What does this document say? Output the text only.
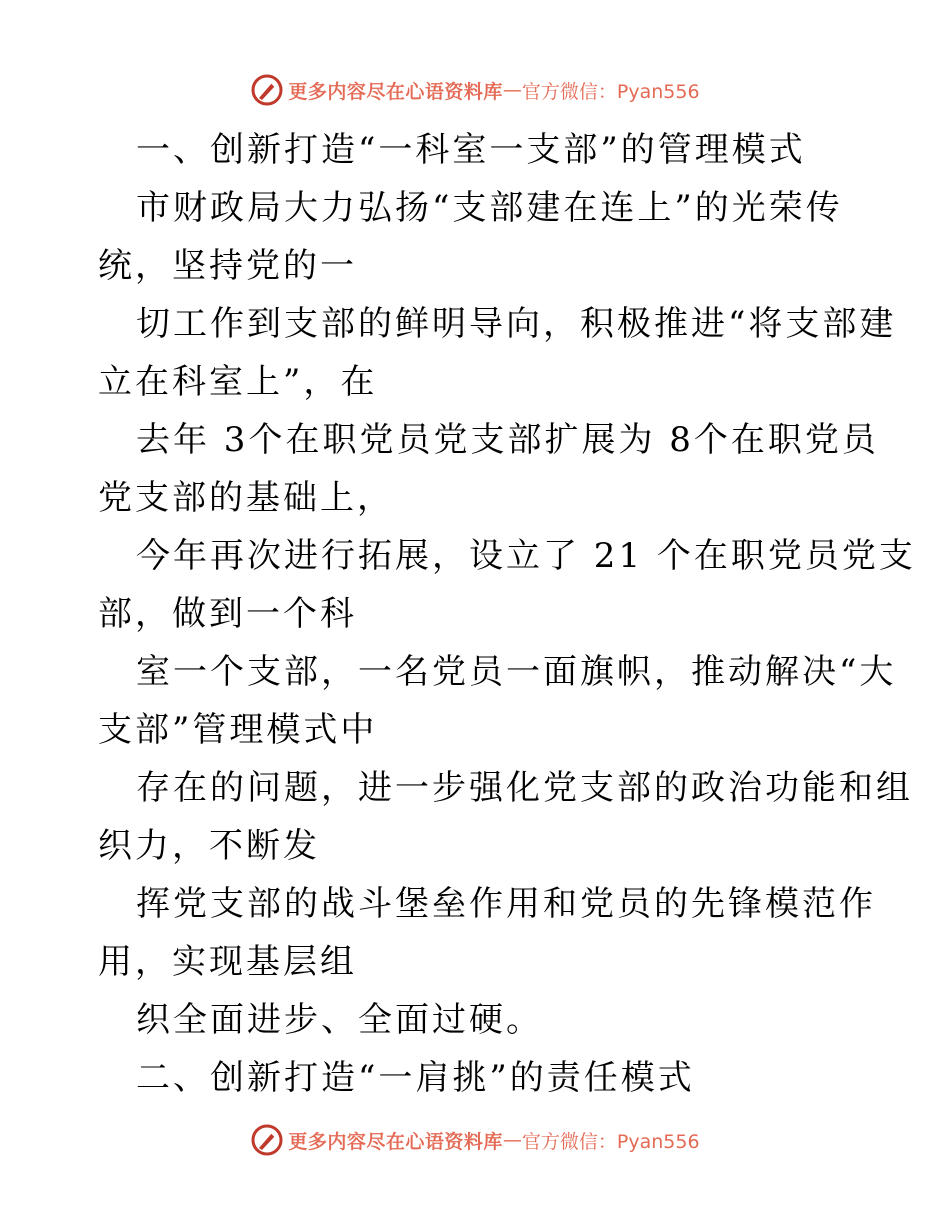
更多内容尽在心语资料库 — 官方微信：Pyan556
一、创新打造“一科室一支部”的管理模式
市财政局大力弘扬“支部建在连上”的光荣传
统，坚持党的一
切工作到支部的鲜明导向，积极推进“将支部建
立在科室上”，在
去年 3个在职党员党支部扩展为 8个在职党员
党支部的基础上，
今年再次进行拓展，设立了 21 个在职党员党支
部，做到一个科
室一个支部，一名党员一面旗帜，推动解决“大
支部”管理模式中
存在的问题，进一步强化党支部的政治功能和组
织力，不断发
挥党支部的战斗堡垒作用和党员的先锋模范作
用，实现基层组
织全面进步、全面过硬。
二、创新打造“一肩挑”的责任模式
更多内容尽在心语资料库 — 官方微信：Pyan556
